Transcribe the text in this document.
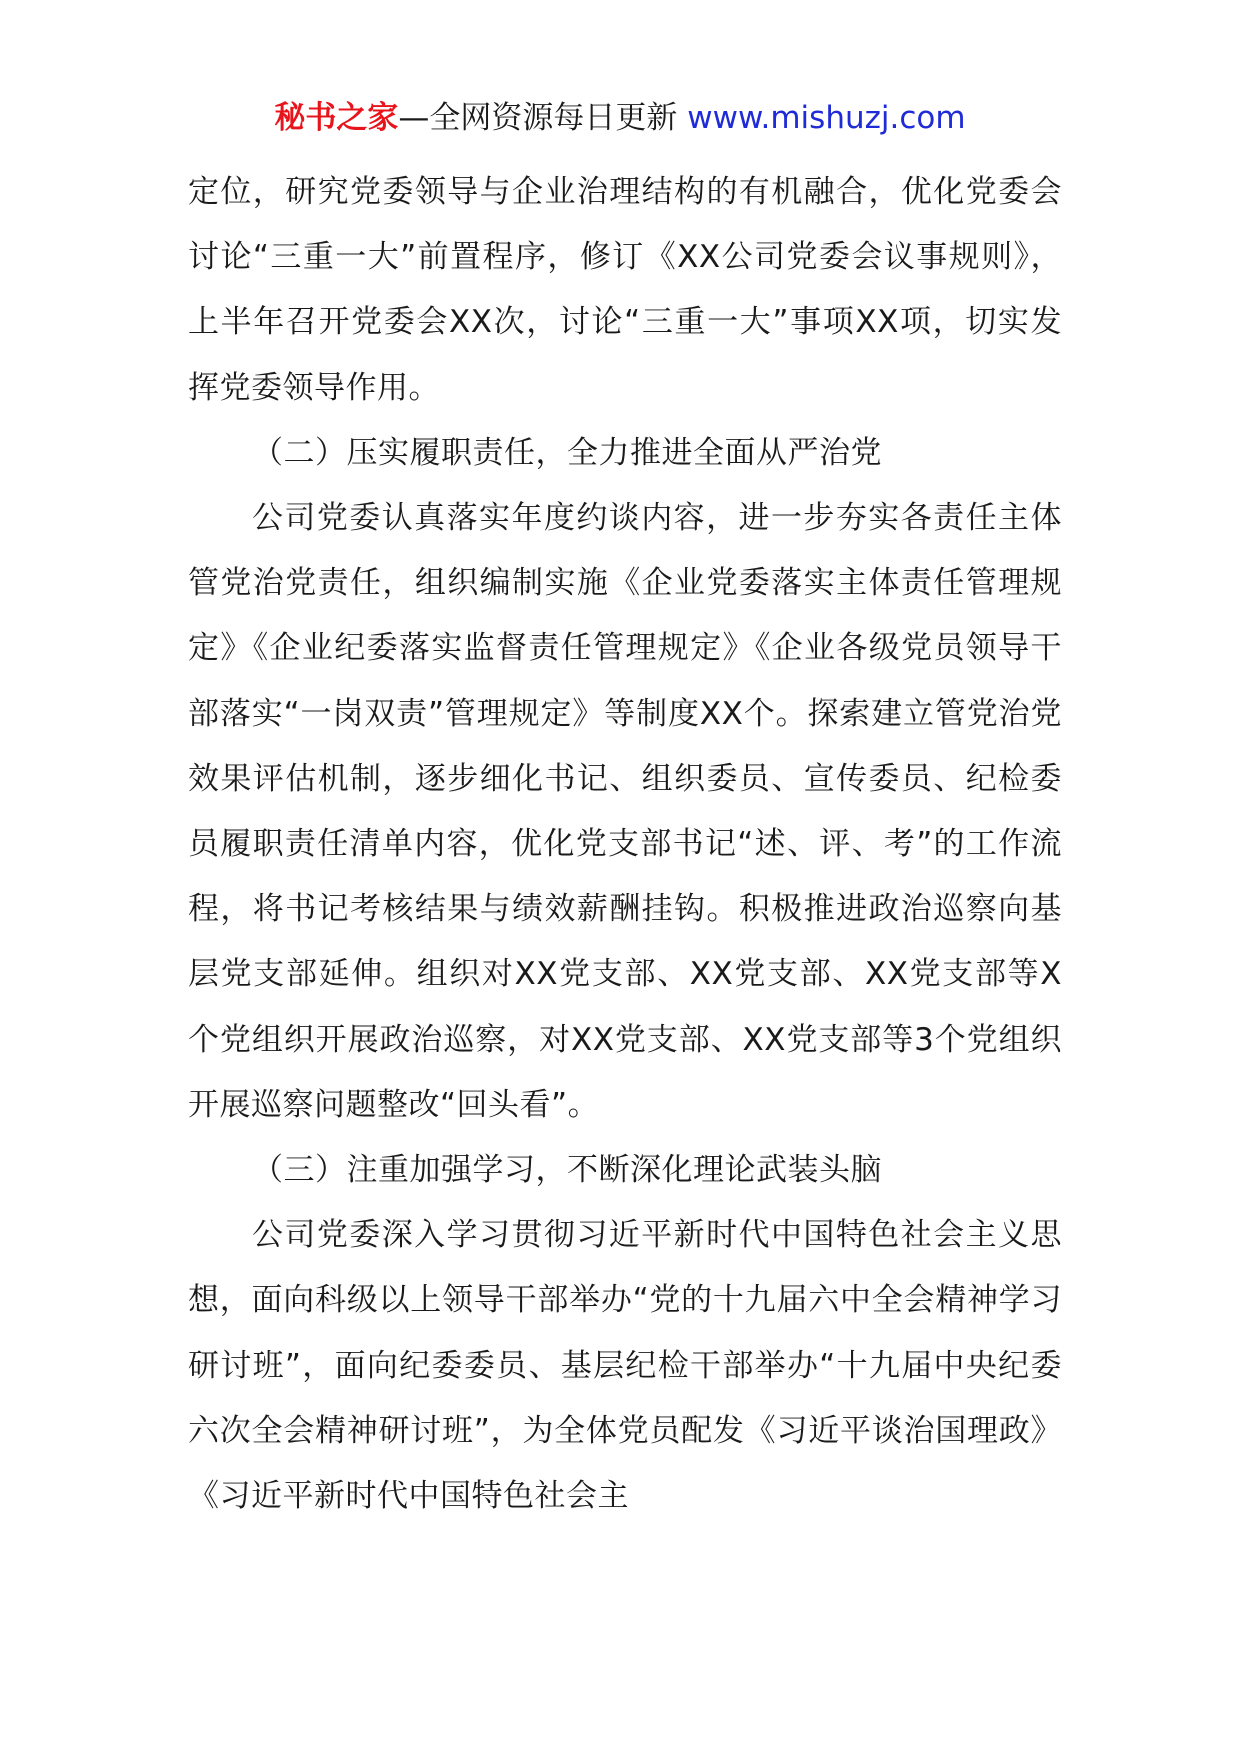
秘书之家—全网资源每日更新 www.mishuzj.com

定位，研究党委领导与企业治理结构的有机融合，优化党委会讨论“三重一大”前置程序，修订《XX公司党委会议事规则》，上半年召开党委会XX次，讨论“三重一大”事项XX项，切实发挥党委领导作用。

（二）压实履职责任，全力推进全面从严治党

公司党委认真落实年度约谈内容，进一步夯实各责任主体管党治党责任，组织编制实施《企业党委落实主体责任管理规定》《企业纪委落实监督责任管理规定》《企业各级党员领导干部落实“一岗双责”管理规定》等制度XX个。探索建立管党治党效果评估机制，逐步细化书记、组织委员、宣传委员、纪检委员履职责任清单内容，优化党支部书记“述、评、考”的工作流程，将书记考核结果与绩效薪酬挂钩。积极推进政治巡察向基层党支部延伸。组织对XX党支部、XX党支部、XX党支部等X个党组织开展政治巡察，对XX党支部、XX党支部等3个党组织开展巡察问题整改“回头看”。

（三）注重加强学习，不断深化理论武装头脑

公司党委深入学习贯彻习近平新时代中国特色社会主义思想，面向科级以上领导干部举办“党的十九届六中全会精神学习研讨班”，面向纪委委员、基层纪检干部举办“十九届中央纪委六次全会精神研讨班”，为全体党员配发《习近平谈治国理政》《习近平新时代中国特色社会主
